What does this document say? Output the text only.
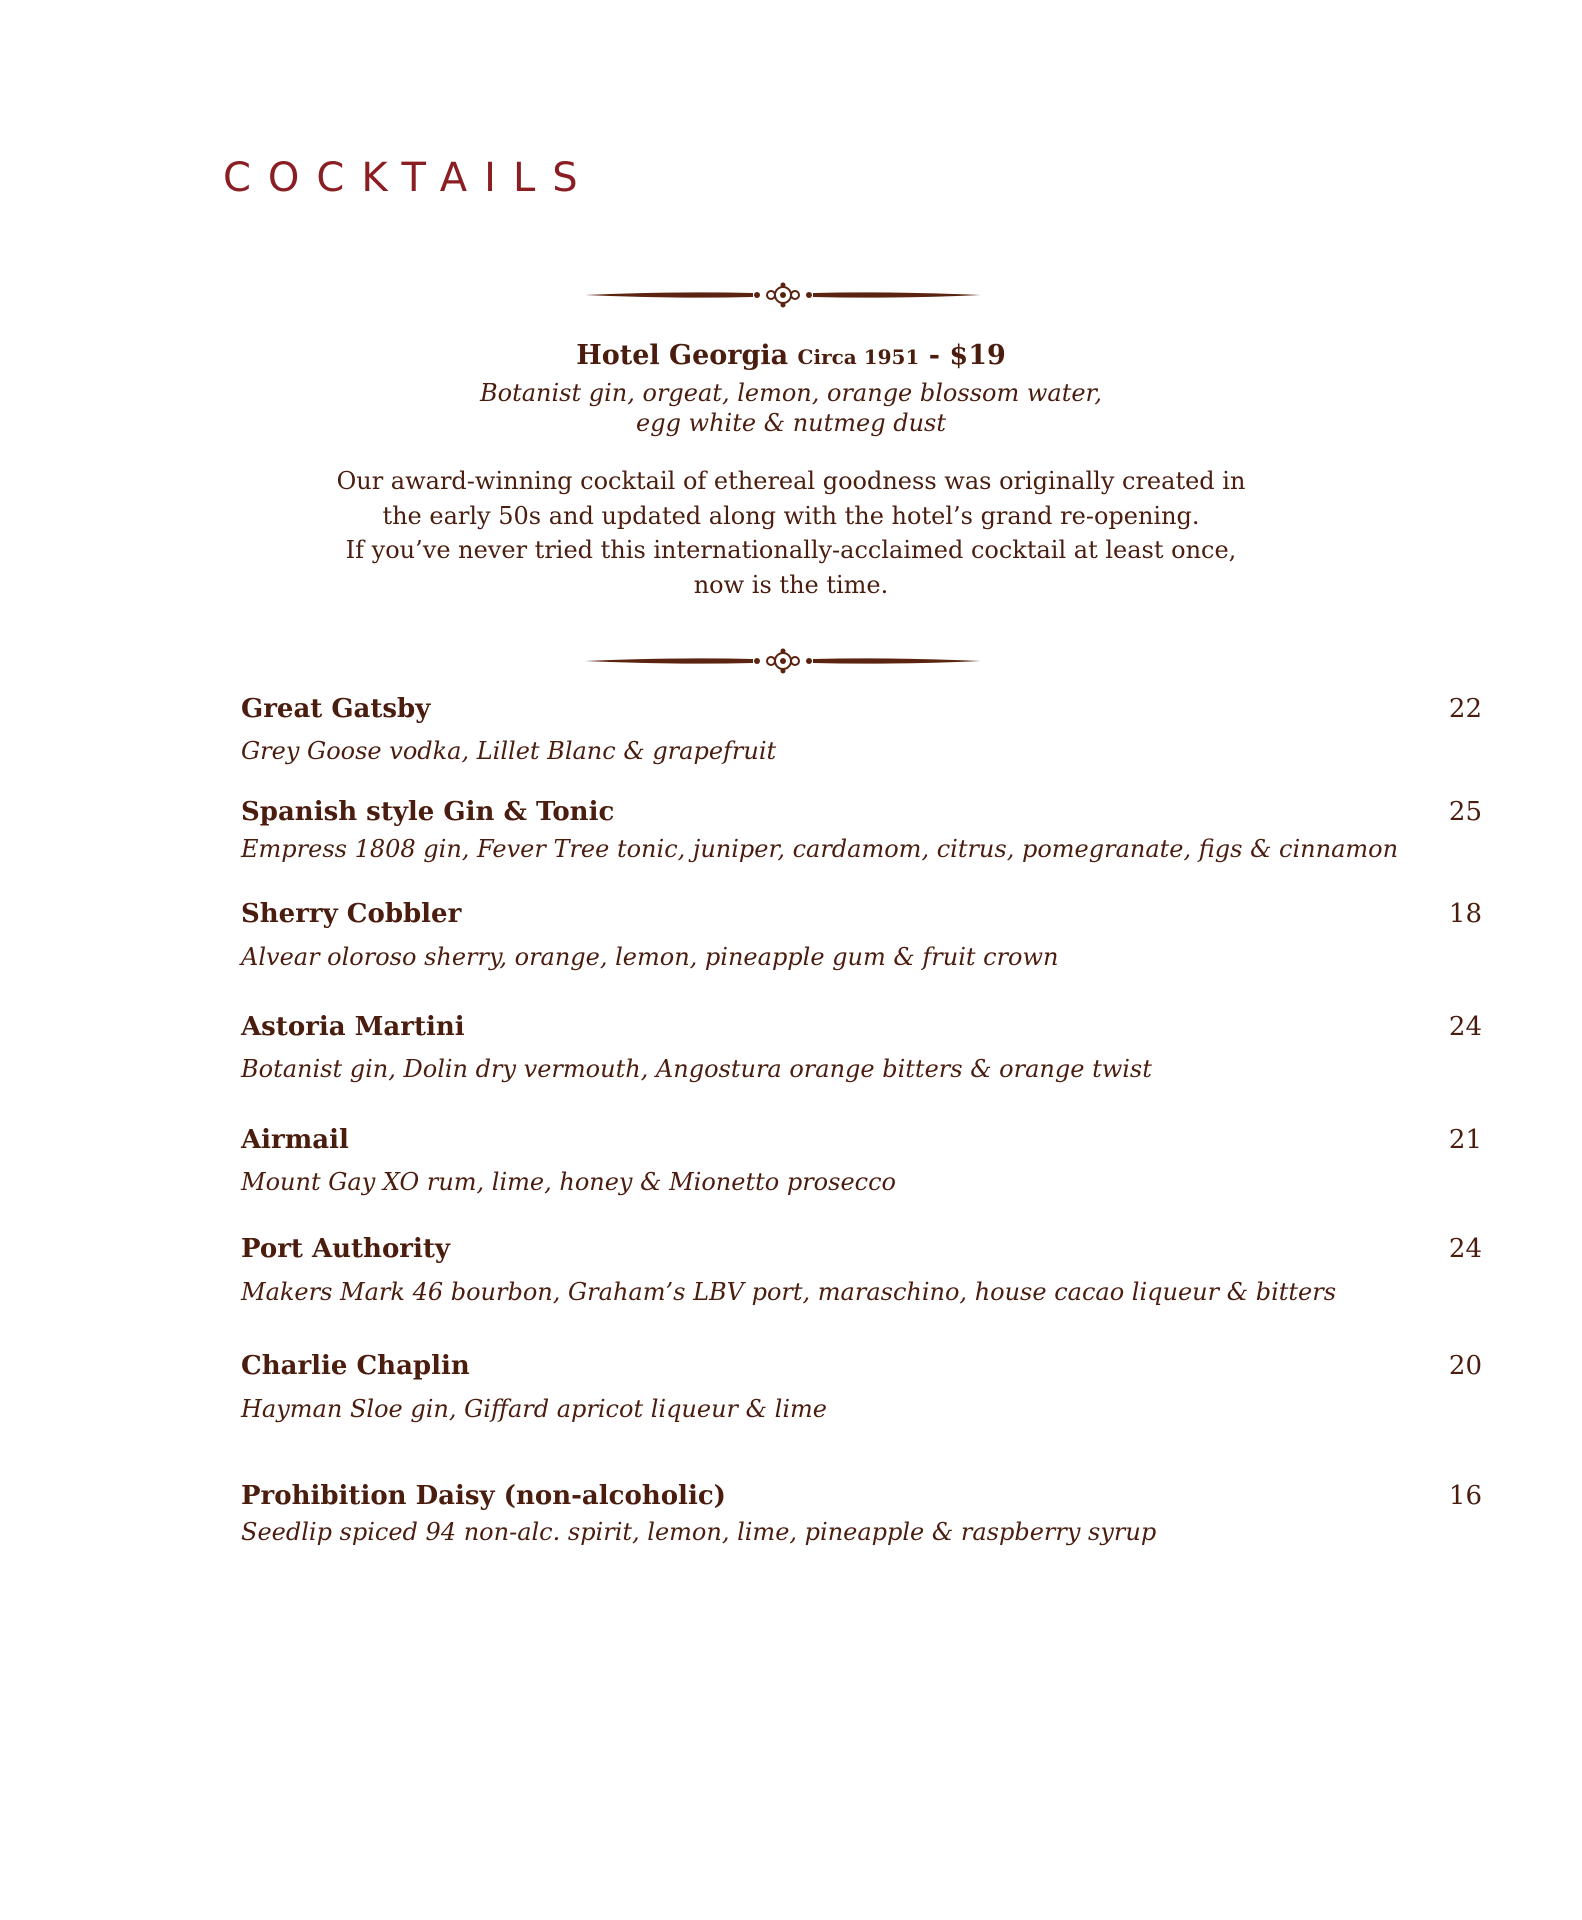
COCKTAILS
Hotel Georgia Circa 1951 - $19
Botanist gin, orgeat, lemon, orange blossom water,
egg white & nutmeg dust
Our award-winning cocktail of ethereal goodness was originally created in
the early 50s and updated along with the hotel’s grand re-opening.
If you’ve never tried this internationally-acclaimed cocktail at least once,
now is the time.
Great Gatsby	22
Grey Goose vodka, Lillet Blanc & grapefruit
Spanish style Gin & Tonic	25
Empress 1808 gin, Fever Tree tonic, juniper, cardamom, citrus, pomegranate, figs & cinnamon
Sherry Cobbler	18
Alvear oloroso sherry, orange, lemon, pineapple gum & fruit crown
Astoria Martini	24
Botanist gin, Dolin dry vermouth, Angostura orange bitters & orange twist
Airmail	21
Mount Gay XO rum, lime, honey & Mionetto prosecco
Port Authority	24
Makers Mark 46 bourbon, Graham’s LBV port, maraschino, house cacao liqueur & bitters
Charlie Chaplin	20
Hayman Sloe gin, Giffard apricot liqueur & lime
Prohibition Daisy (non-alcoholic)	16
Seedlip spiced 94 non-alc. spirit, lemon, lime, pineapple & raspberry syrup
